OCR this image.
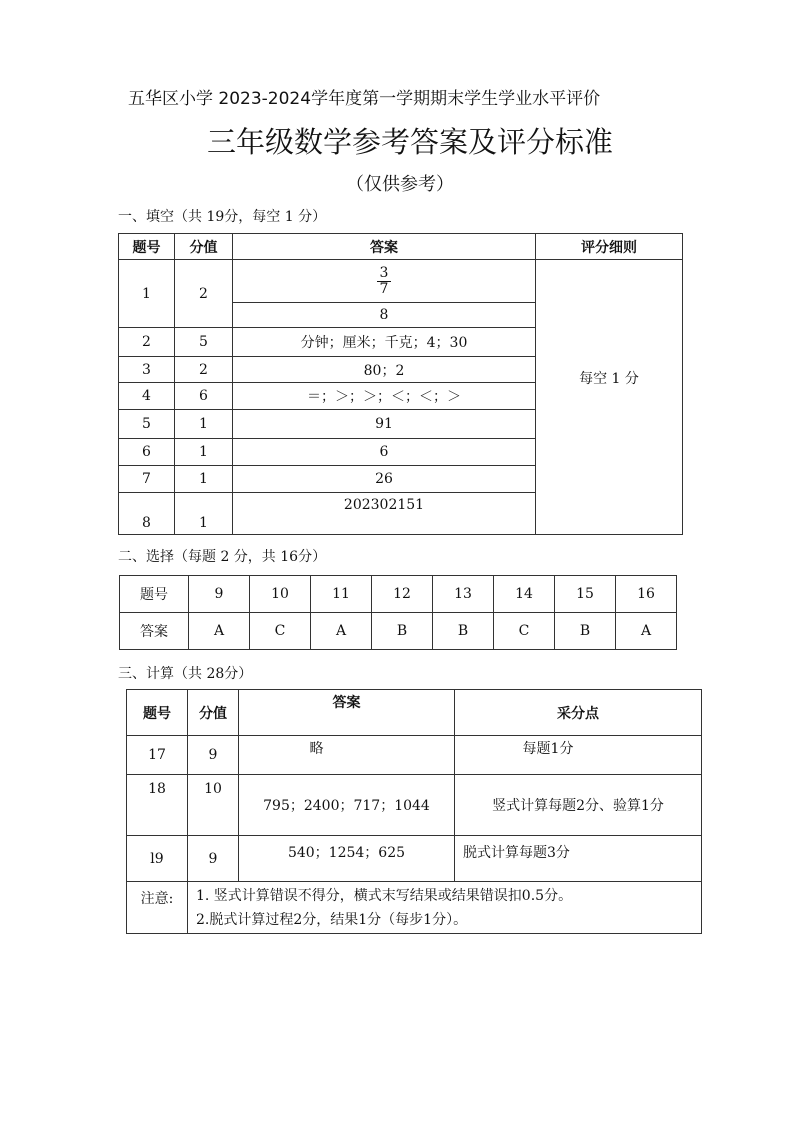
五华区小学 2023-2024学年度第一学期期末学生学业水平评价
三年级数学参考答案及评分标准
（仅供参考）
一、填空（共 19分，每空 1 分）
题号	分值	答案	评分细则
1	2	$\frac{3}{7}$	每空 1 分
		8	
2	5	分钟；厘米；千克；4；30	
3	2	80；2	
4	6	＝；＞；＞；＜；＜；＞	
5	1	91	
6	1	6	
7	1	26	
8	1	202302151	
二、选择（每题 2 分，共 16分）
题号	9	10	11	12	13	14	15	16
答案	A	C	A	B	B	C	B	A
三、计算（共 28分）
题号	分值	答案	采分点
17	9	略	每题1分
18	10	795；2400；717；1044	竖式计算每题2分、验算1分
l9	9	540；1254；625	脱式计算每题3分
注意:	1. 竖式计算错误不得分，横式末写结果或结果错误扣0.5分。
2.脱式计算过程2分，结果1分（每步1分）。		
